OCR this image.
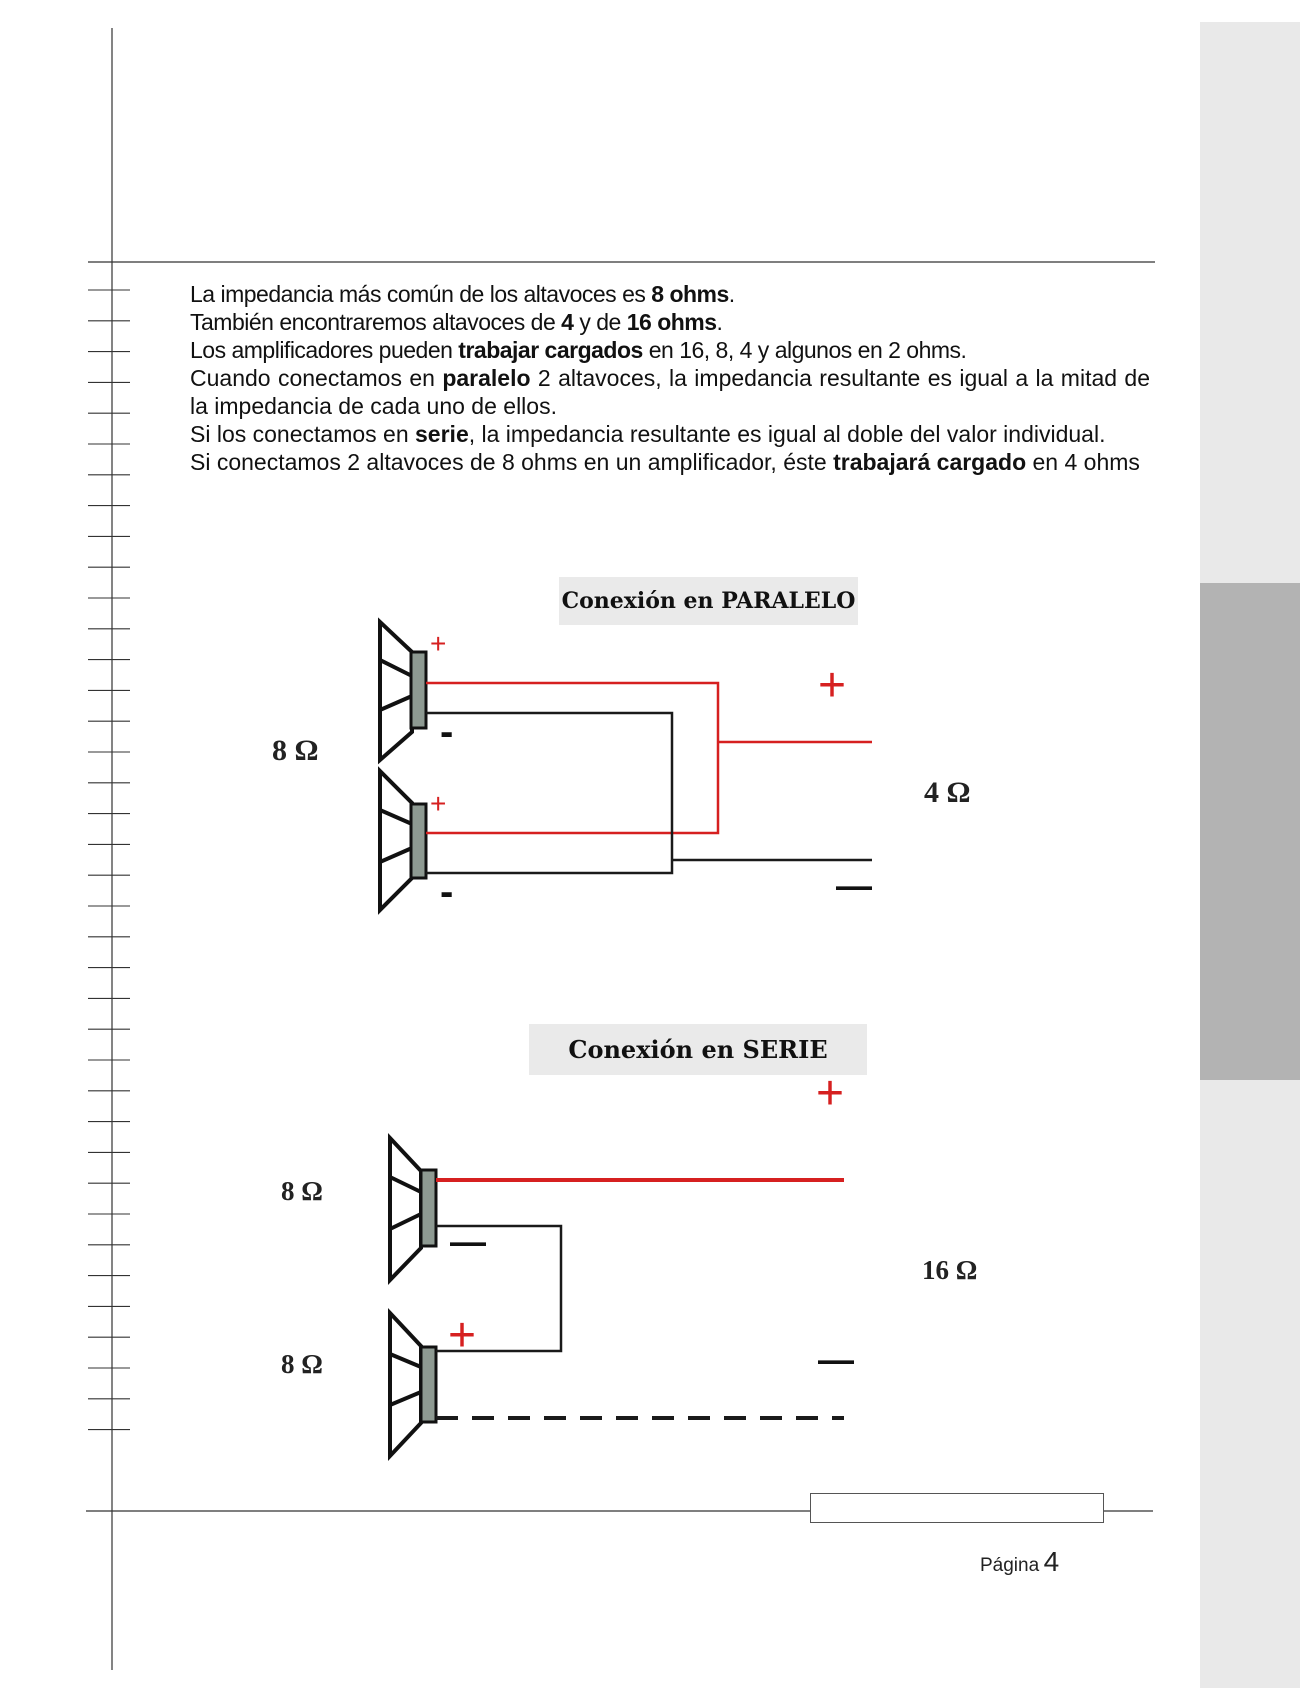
La impedancia más común de los altavoces es 8 ohms.

También encontraremos altavoces de 4 y de 16 ohms.

Los amplificadores pueden trabajar cargados en 16, 8, 4 y algunos en 2 ohms.

Cuando conectamos en paralelo 2 altavoces, la impedancia resultante es igual a la mitad de la impedancia de cada uno de ellos.

Si los conectamos en serie, la impedancia resultante es igual al doble del valor individual.

Si conectamos 2 altavoces de 8 ohms en un amplificador, éste trabajará cargado en 4 ohms

Conexión en PARALELO
+
-
+
-
+
—
8 Ω
4 Ω
Conexión en SERIE
—
+
+
—
8 Ω
8 Ω
16 Ω
Página 4
